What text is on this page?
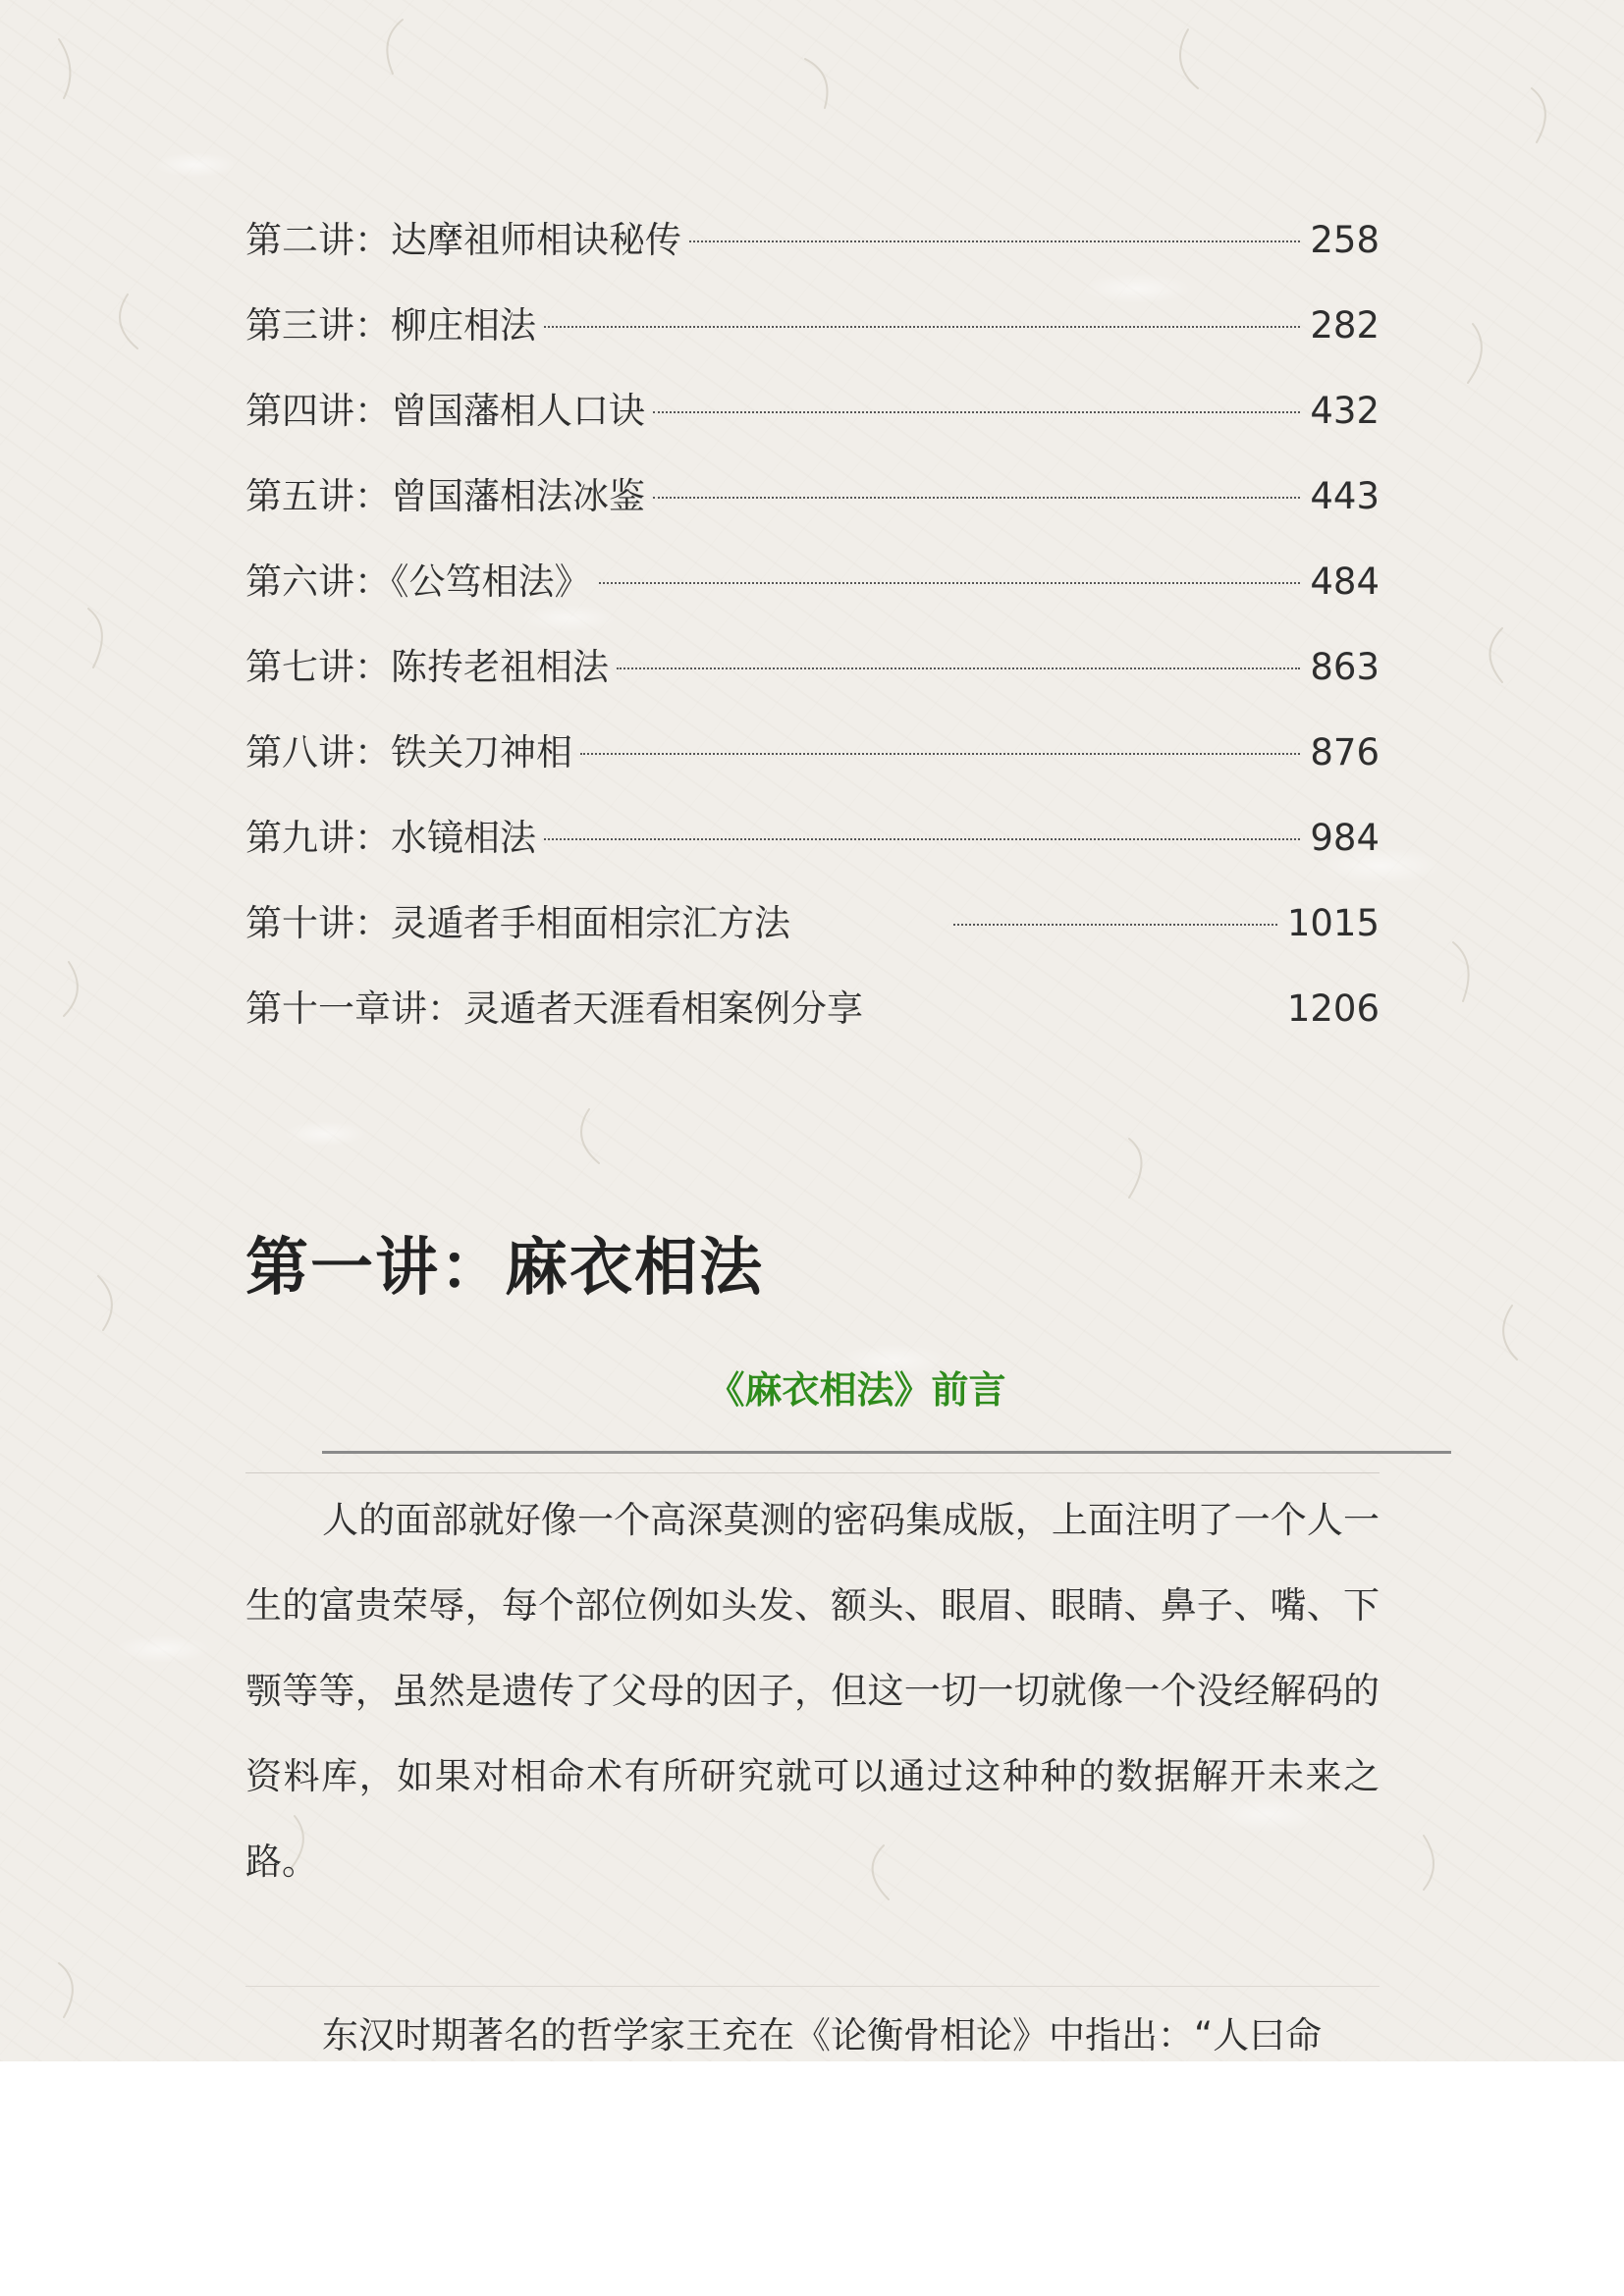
第二讲：达摩祖师相诀秘传	258
第三讲：柳庄相法	282
第四讲：曾国藩相人口诀	432
第五讲：曾国藩相法冰鉴	443
第六讲：《公笃相法》	484
第七讲：陈抟老祖相法	863
第八讲：铁关刀神相	876
第九讲：水镜相法	984
第十讲：灵遁者手相面相宗汇方法	1015
第十一章讲：灵遁者天涯看相案例分享	1206
第一讲：麻衣相法
《麻衣相法》前言

人的面部就好像一个高深莫测的密码集成版，上面注明了一个人一生的富贵荣辱，每个部位例如头发、额头、眼眉、眼睛、鼻子、嘴、下颚等等，虽然是遗传了父母的因子，但这一切一切就像一个没经解码的资料库，如果对相命术有所研究就可以通过这种种的数据解开未来之路。

东汉时期著名的哲学家王充在《论衡骨相论》中指出：“人曰命
